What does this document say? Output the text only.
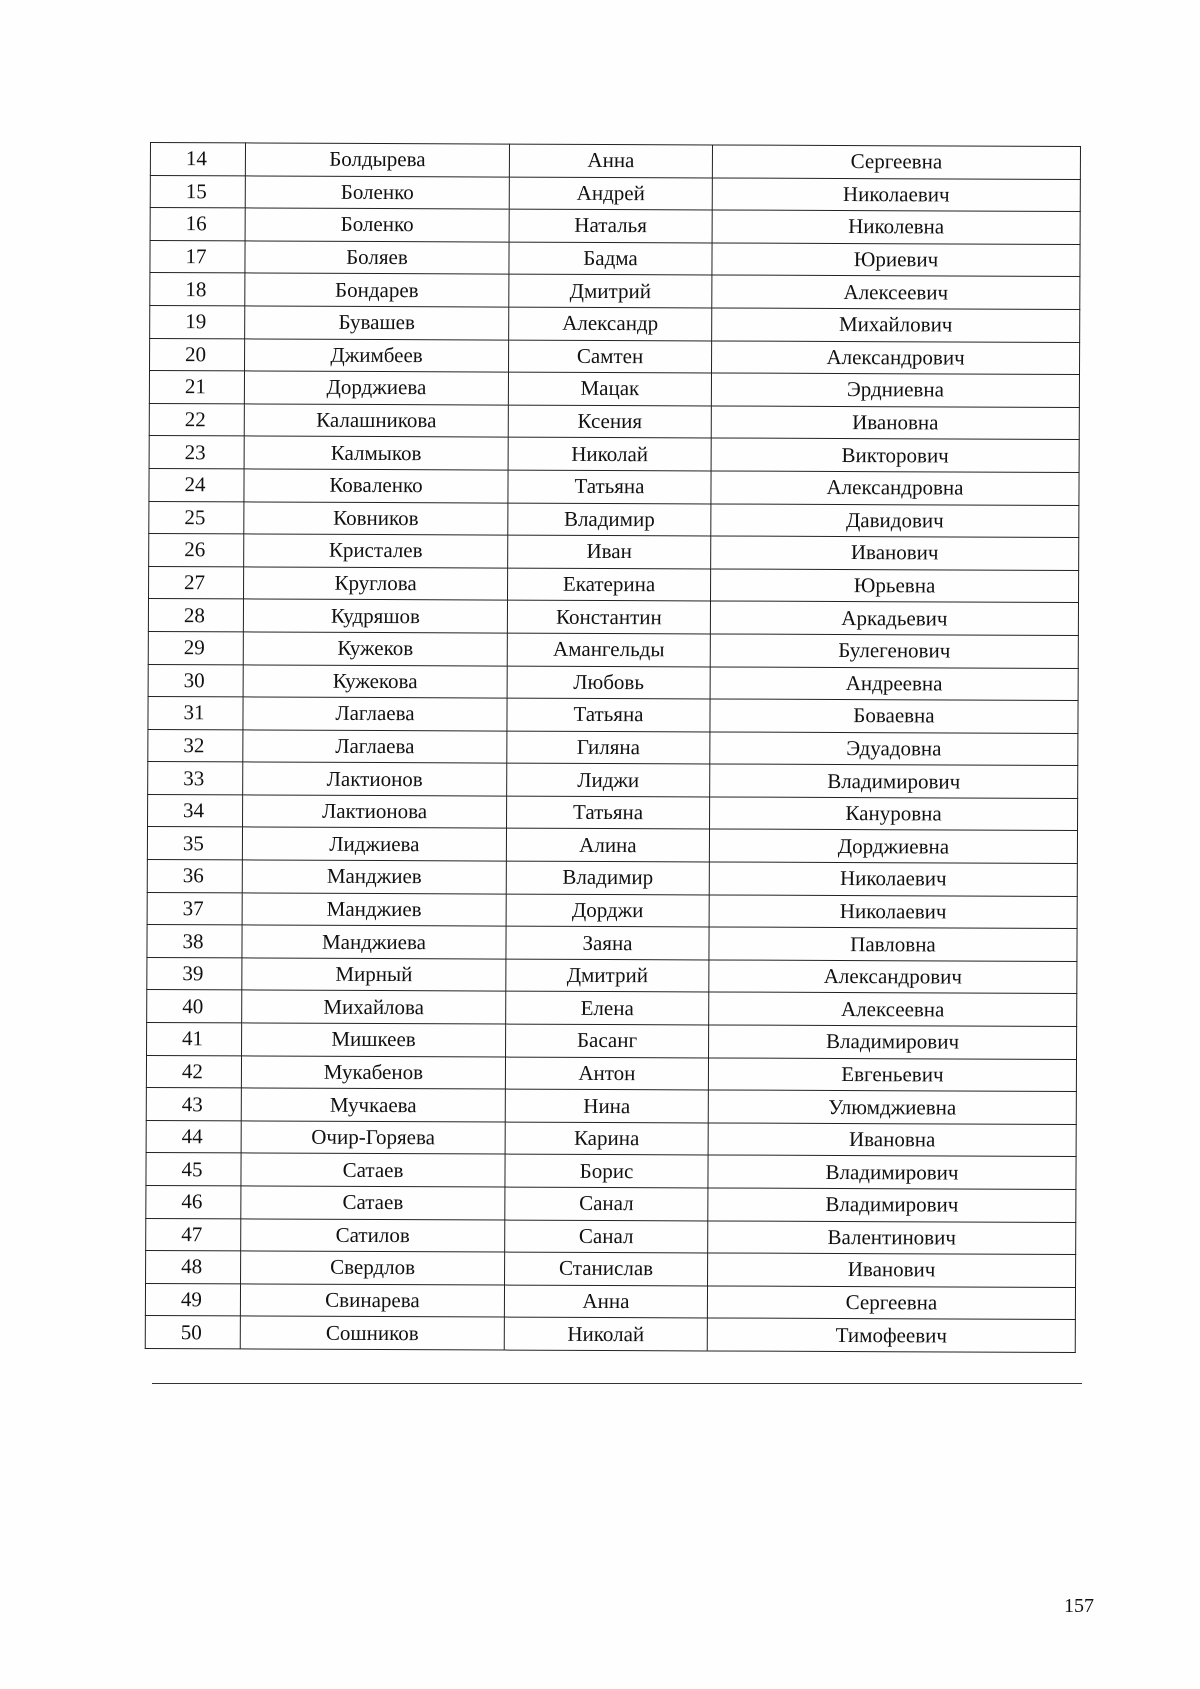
14	Болдырева	Анна	Сергеевна
15	Боленко	Андрей	Николаевич
16	Боленко	Наталья	Николевна
17	Боляев	Бадма	Юриевич
18	Бондарев	Дмитрий	Алексеевич
19	Бувашев	Александр	Михайлович
20	Джимбеев	Самтен	Александрович
21	Дорджиева	Мацак	Эрдниевна
22	Калашникова	Ксения	Ивановна
23	Калмыков	Николай	Викторович
24	Коваленко	Татьяна	Александровна
25	Ковников	Владимир	Давидович
26	Кристалев	Иван	Иванович
27	Круглова	Екатерина	Юрьевна
28	Кудряшов	Константин	Аркадьевич
29	Кужеков	Амангельды	Булегенович
30	Кужекова	Любовь	Андреевна
31	Лаглаева	Татьяна	Боваевна
32	Лаглаева	Гиляна	Эдуадовна
33	Лактионов	Лиджи	Владимирович
34	Лактионова	Татьяна	Кануровна
35	Лиджиева	Алина	Дорджиевна
36	Манджиев	Владимир	Николаевич
37	Манджиев	Дорджи	Николаевич
38	Манджиева	Заяна	Павловна
39	Мирный	Дмитрий	Александрович
40	Михайлова	Елена	Алексеевна
41	Мишкеев	Басанг	Владимирович
42	Мукабенов	Антон	Евгеньевич
43	Мучкаева	Нина	Улюмджиевна
44	Очир-Горяева	Карина	Ивановна
45	Сатаев	Борис	Владимирович
46	Сатаев	Санал	Владимирович
47	Сатилов	Санал	Валентинович
48	Свердлов	Станислав	Иванович
49	Свинарева	Анна	Сергеевна
50	Сошников	Николай	Тимофеевич
157
